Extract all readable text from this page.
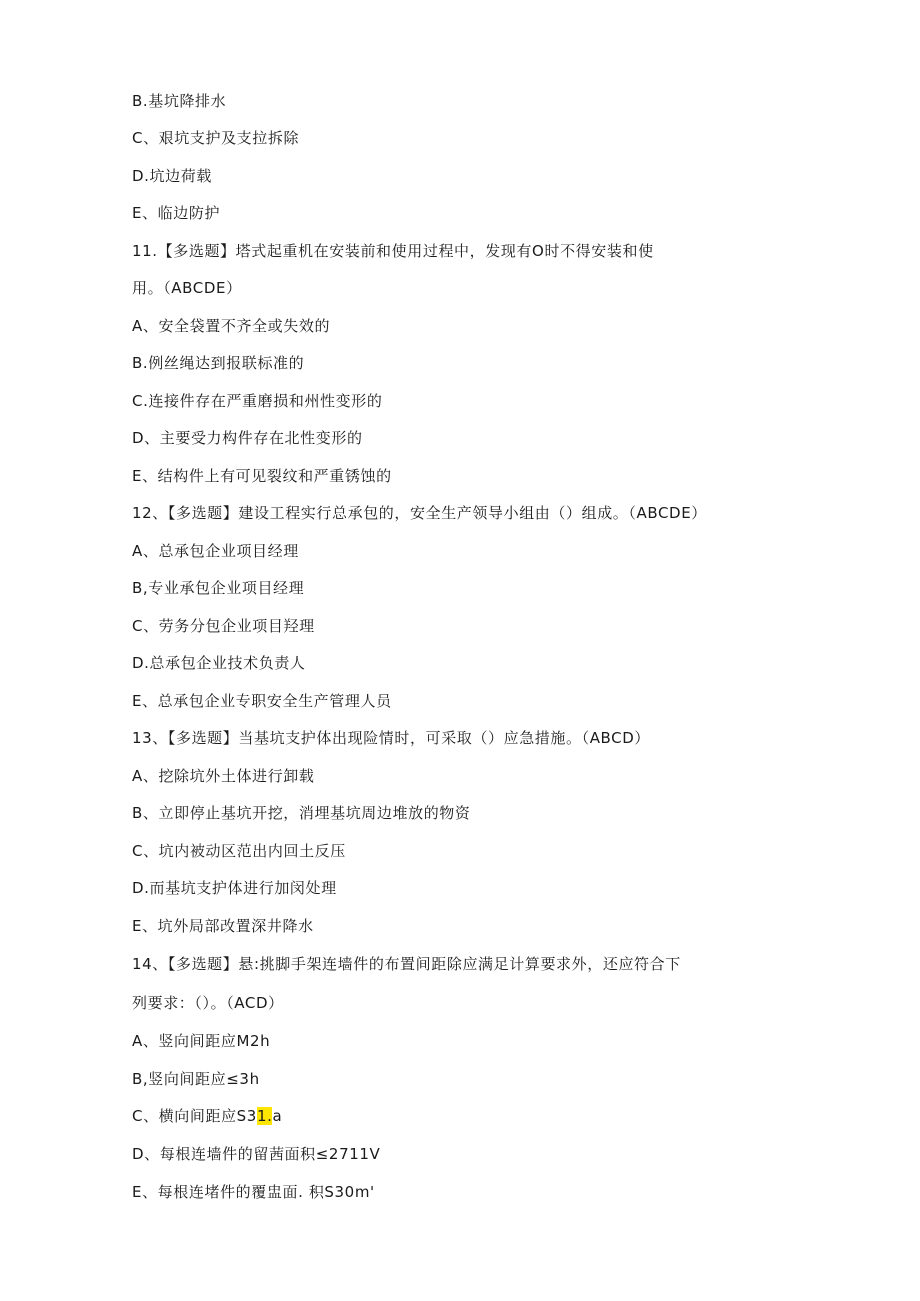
B.基坑降排水
C、艰坑支护及支拉拆除
D.坑边荷载
E、临边防护
11.【多选题】塔式起重机在安装前和使用过程中，发现有O时不得安装和使
用。（ABCDE）
A、安全袋置不齐全或失效的
B.例丝绳达到报联标准的
C.连接件存在严重磨损和州性变形的
D、主要受力构件存在北性变形的
E、结构件上有可见裂纹和严重锈蚀的
12、【多选题】建设工程实行总承包的，安全生产领导小组由（）组成。（ABCDE）
A、总承包企业项目经理
B,专业承包企业项目经理
C、劳务分包企业项目羟理
D.总承包企业技术负责人
E、总承包企业专职安全生产管理人员
13、【多选题】当基坑支护体出现险情时，可采取（）应急措施。（ABCD）
A、挖除坑外土体进行卸载
B、立即停止基坑开挖，消埋基坑周边堆放的物资
C、坑内被动区范出内回土反压
D.而基坑支护体进行加闵处理
E、坑外局部改置深井降水
14、【多选题】悬:挑脚手架连墙件的布置间距除应满足计算要求外，还应符合下
列要求：（）。（ACD）
A、竖向间距应M2h
B,竖向间距应≤3h
C、横向间距应S31.a
D、每根连墙件的留茜面积≤2711V
E、每根连堵件的覆盅面. 积S30m'
